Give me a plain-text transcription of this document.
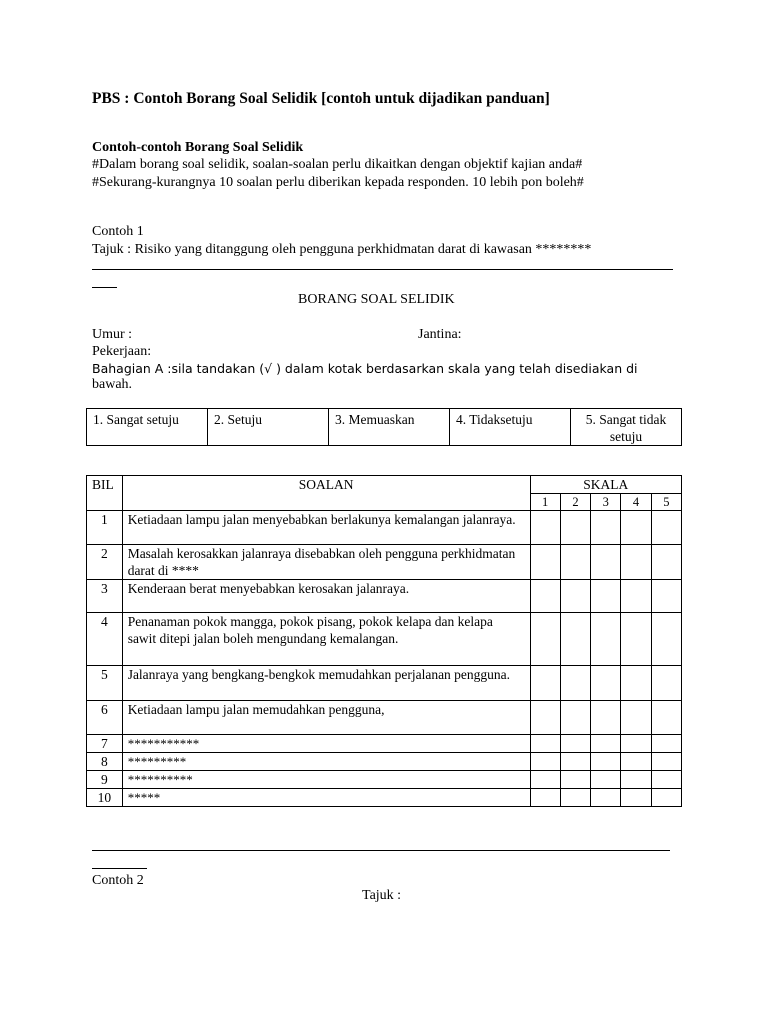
PBS : Contoh Borang Soal Selidik [contoh untuk dijadikan panduan]
Contoh-contoh Borang Soal Selidik
#Dalam borang soal selidik, soalan-soalan perlu dikaitkan dengan objektif kajian anda#
#Sekurang-kurangnya 10 soalan perlu diberikan kepada responden. 10 lebih pon boleh#
Contoh 1
Tajuk : Risiko yang ditanggung oleh pengguna perkhidmatan darat di kawasan ********
BORANG SOAL SELIDIK
Umur :	Jantina:
Pekerjaan:
Bahagian A :sila tandakan (√ ) dalam kotak berdasarkan skala yang telah disediakan di
bawah.
1. Sangat setuju	2. Setuju	3. Memuaskan	4. Tidaksetuju	5. Sangat tidak setuju
BIL	SOALAN	SKALA				
		1	2	3	4	5
1	Ketiadaan lampu jalan menyebabkan berlakunya kemalangan jalanraya.					
2	Masalah kerosakkan jalanraya disebabkan oleh pengguna perkhidmatan darat di ****					
3	Kenderaan berat menyebabkan kerosakan jalanraya.					
4	Penanaman pokok mangga, pokok pisang, pokok kelapa dan kelapa sawit ditepi jalan boleh mengundang kemalangan.					
5	Jalanraya yang bengkang-bengkok memudahkan perjalanan pengguna.					
6	Ketiadaan lampu jalan memudahkan pengguna,					
7	***********					
8	*********					
9	**********					
10	*****					
Contoh 2
Tajuk :
